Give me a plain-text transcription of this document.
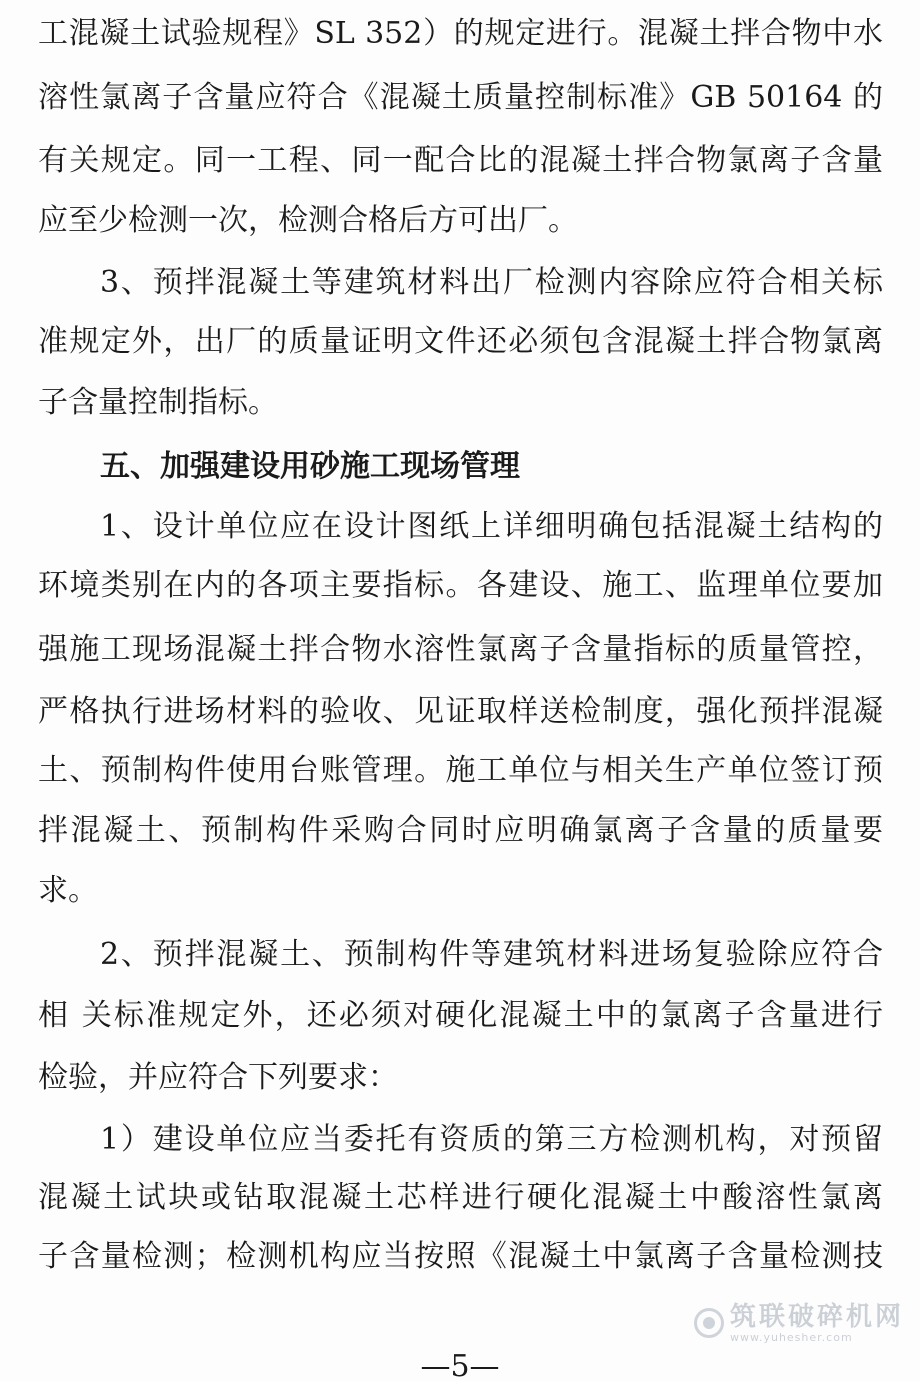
工混凝土试验规程》SL 352）的规定进行。混凝土拌合物中水
溶性氯离子含量应符合《混凝土质量控制标准》GB 50164 的
有关规定。同一工程、同一配合比的混凝土拌合物氯离子含量
应至少检测一次，检测合格后方可出厂。
3、预拌混凝土等建筑材料出厂检测内容除应符合相关标
准规定外，出厂的质量证明文件还必须包含混凝土拌合物氯离
子含量控制指标。
五、加强建设用砂施工现场管理
1、设计单位应在设计图纸上详细明确包括混凝土结构的
环境类别在内的各项主要指标。各建设、施工、监理单位要加
强施工现场混凝土拌合物水溶性氯离子含量指标的质量管控，
严格执行进场材料的验收、见证取样送检制度，强化预拌混凝
土、预制构件使用台账管理。施工单位与相关生产单位签订预
拌混凝土、预制构件采购合同时应明确氯离子含量的质量要
求。
2、预拌混凝土、预制构件等建筑材料进场复验除应符合
相 关标准规定外，还必须对硬化混凝土中的氯离子含量进行
检验，并应符合下列要求：
1）建设单位应当委托有资质的第三方检测机构，对预留
混凝土试块或钻取混凝土芯样进行硬化混凝土中酸溶性氯离
子含量检测；检测机构应当按照《混凝土中氯离子含量检测技
筑联破碎机网
www.yuhesher.com
—5—
